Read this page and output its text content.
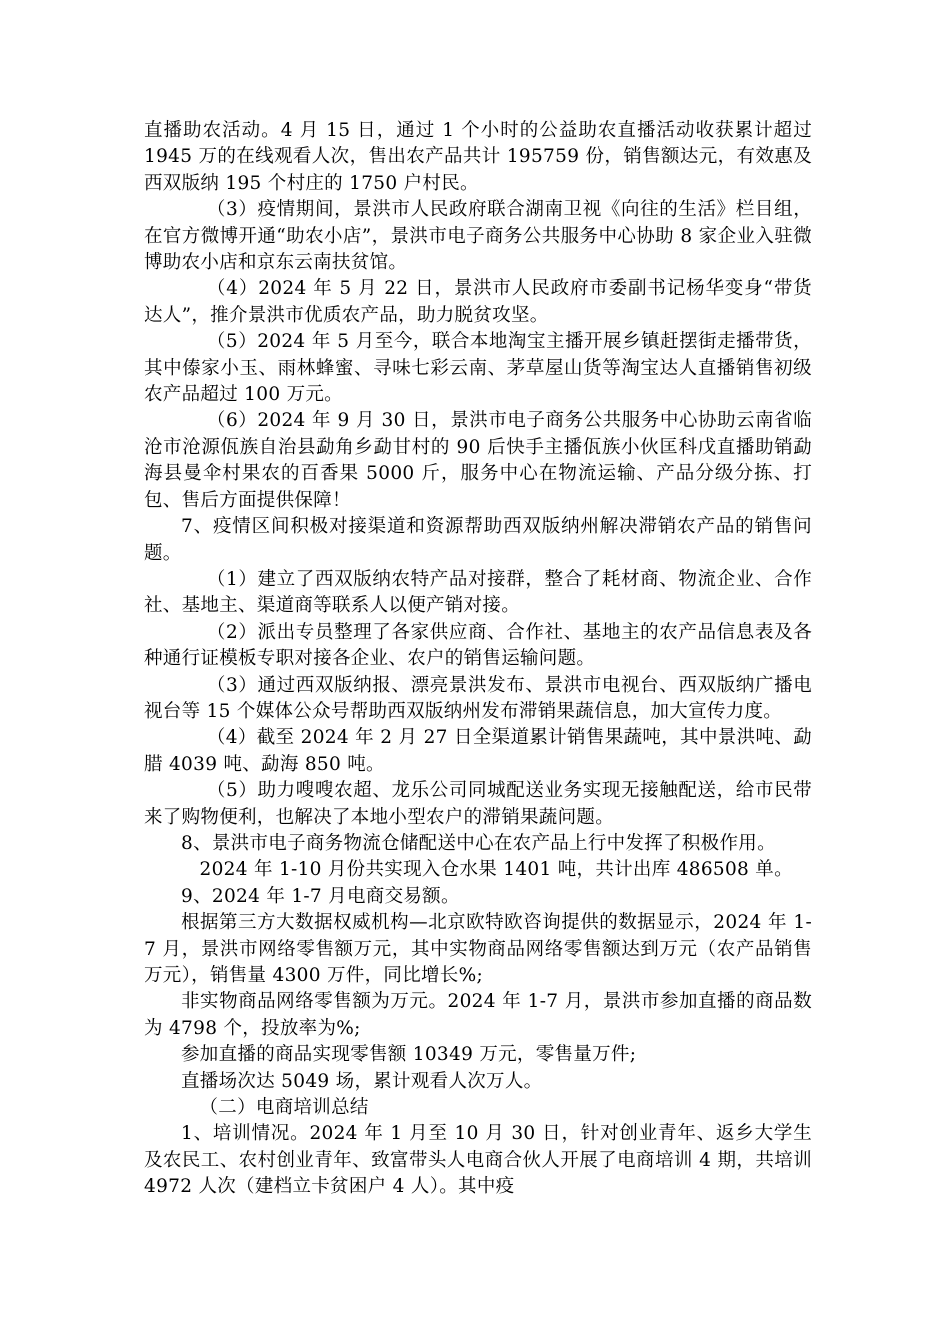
直播助农活动。4 月 15 日，通过 1 个小时的公益助农直播活动收获累计超过 1945 万的在线观看人次，售出农产品共计 195759 份，销售额达元，有效惠及西双版纳 195 个村庄的 1750 户村民。

（3）疫情期间，景洪市人民政府联合湖南卫视《向往的生活》栏目组，在官方微博开通“助农小店”，景洪市电子商务公共服务中心协助 8 家企业入驻微博助农小店和京东云南扶贫馆。

（4）2024 年 5 月 22 日，景洪市人民政府市委副书记杨华变身“带货达人”，推介景洪市优质农产品，助力脱贫攻坚。

（5）2024 年 5 月至今，联合本地淘宝主播开展乡镇赶摆街走播带货，其中傣家小玉、雨林蜂蜜、寻味七彩云南、茅草屋山货等淘宝达人直播销售初级农产品超过 100 万元。

（6）2024 年 9 月 30 日，景洪市电子商务公共服务中心协助云南省临沧市沧源佤族自治县勐角乡勐甘村的 90 后快手主播佤族小伙匡科戊直播助销勐海县曼伞村果农的百香果 5000 斤，服务中心在物流运输、产品分级分拣、打包、售后方面提供保障！

7、疫情区间积极对接渠道和资源帮助西双版纳州解决滞销农产品的销售问题。

（1）建立了西双版纳农特产品对接群，整合了耗材商、物流企业、合作社、基地主、渠道商等联系人以便产销对接。

（2）派出专员整理了各家供应商、合作社、基地主的农产品信息表及各种通行证模板专职对接各企业、农户的销售运输问题。

（3）通过西双版纳报、漂亮景洪发布、景洪市电视台、西双版纳广播电视台等 15 个媒体公众号帮助西双版纳州发布滞销果蔬信息，加大宣传力度。

（4）截至 2024 年 2 月 27 日全渠道累计销售果蔬吨，其中景洪吨、勐腊 4039 吨、勐海 850 吨。

（5）助力嗖嗖农超、龙乐公司同城配送业务实现无接触配送，给市民带来了购物便利，也解决了本地小型农户的滞销果蔬问题。

8、景洪市电子商务物流仓储配送中心在农产品上行中发挥了积极作用。

2024 年 1-10 月份共实现入仓水果 1401 吨，共计出库 486508 单。

9、2024 年 1-7 月电商交易额。

根据第三方大数据权威机构—北京欧特欧咨询提供的数据显示，2024 年 1-7 月，景洪市网络零售额万元，其中实物商品网络零售额达到万元（农产品销售万元），销售量 4300 万件，同比增长%;

非实物商品网络零售额为万元。2024 年 1-7 月，景洪市参加直播的商品数为 4798 个，投放率为%;

参加直播的商品实现零售额 10349 万元，零售量万件;

直播场次达 5049 场，累计观看人次万人。

（二）电商培训总结

1、培训情况。2024 年 1 月至 10 月 30 日，针对创业青年、返乡大学生及农民工、农村创业青年、致富带头人电商合伙人开展了电商培训 4 期，共培训 4972 人次（建档立卡贫困户 4 人）。其中疫
